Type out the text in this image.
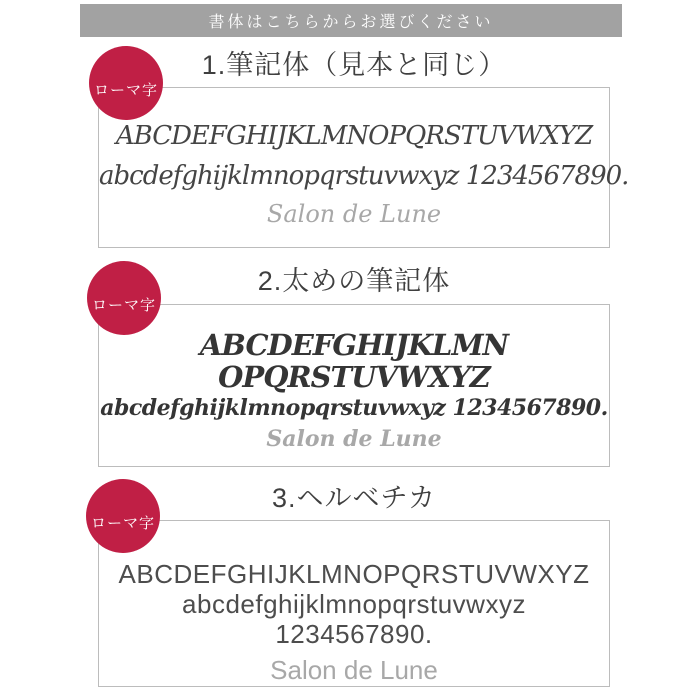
書体はこちらからお選びください
1.筆記体（見本と同じ）
ローマ字
ABCDEFGHIJKLMNOPQRSTUVWXYZ
abcdefghijklmnopqrstuvwxyz 1234567890.
Salon de Lune
2.太めの筆記体
ローマ字
ABCDEFGHIJKLMN
OPQRSTUVWXYZ
abcdefghijklmnopqrstuvwxyz 1234567890.
Salon de Lune
3.ヘルベチカ
ローマ字
ABCDEFGHIJKLMNOPQRSTUVWXYZ
abcdefghijklmnopqrstuvwxyz
1234567890.
Salon de Lune
